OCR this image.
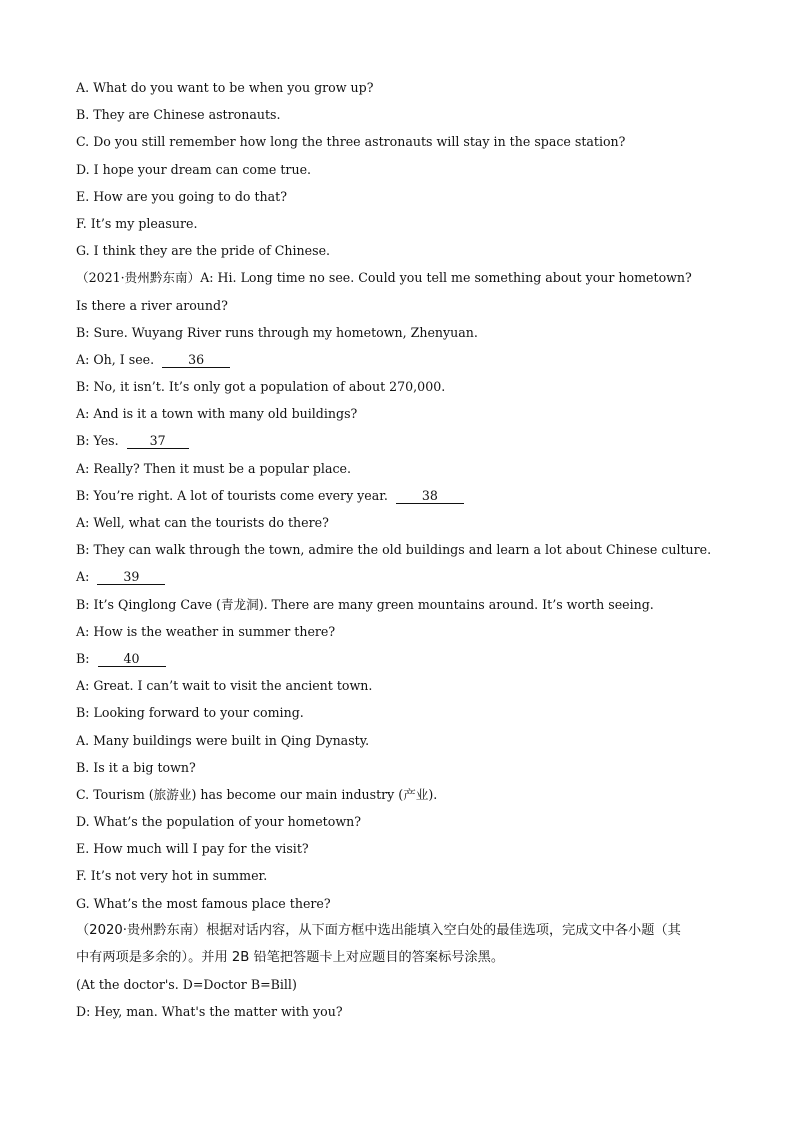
A. What do you want to be when you grow up?
B. They are Chinese astronauts.
C. Do you still remember how long the three astronauts will stay in the space station?
D. I hope your dream can come true.
E. How are you going to do that?
F. It’s my pleasure.
G. I think they are the pride of Chinese.
（2021·贵州黔东南）A: Hi. Long time no see. Could you tell me something about your hometown?
Is there a river around?
B: Sure. Wuyang River runs through my hometown, Zhenyuan.
A: Oh, I see.	36
B: No, it isn’t. It’s only got a population of about 270,000.
A: And is it a town with many old buildings?
B: Yes. 37
A: Really? Then it must be a popular place.
B: You’re right. A lot of tourists come every year.	38
A: Well, what can the tourists do there?
B: They can walk through the town, admire the old buildings and learn a lot about Chinese culture.
A:	39
B: It’s Qinglong Cave (青龙洞). There are many green mountains around. It’s worth seeing.
A: How is the weather in summer there?
B:	40
A: Great. I can’t wait to visit the ancient town.
B: Looking forward to your coming.
A. Many buildings were built in Qing Dynasty.
B. Is it a big town?
C. Tourism (旅游业) has become our main industry (产业).
D. What’s the population of your hometown?
E. How much will I pay for the visit?
F. It’s not very hot in summer.
G. What’s the most famous place there?
（2020·贵州黔东南）根据对话内容，从下面方框中选出能填入空白处的最佳选项，完成文中各小题（其
中有两项是多余的）。并用 2B 铅笔把答题卡上对应题目的答案标号涂黑。
(At the doctor's. D=Doctor B=Bill)
D: Hey, man. What's the matter with you?
